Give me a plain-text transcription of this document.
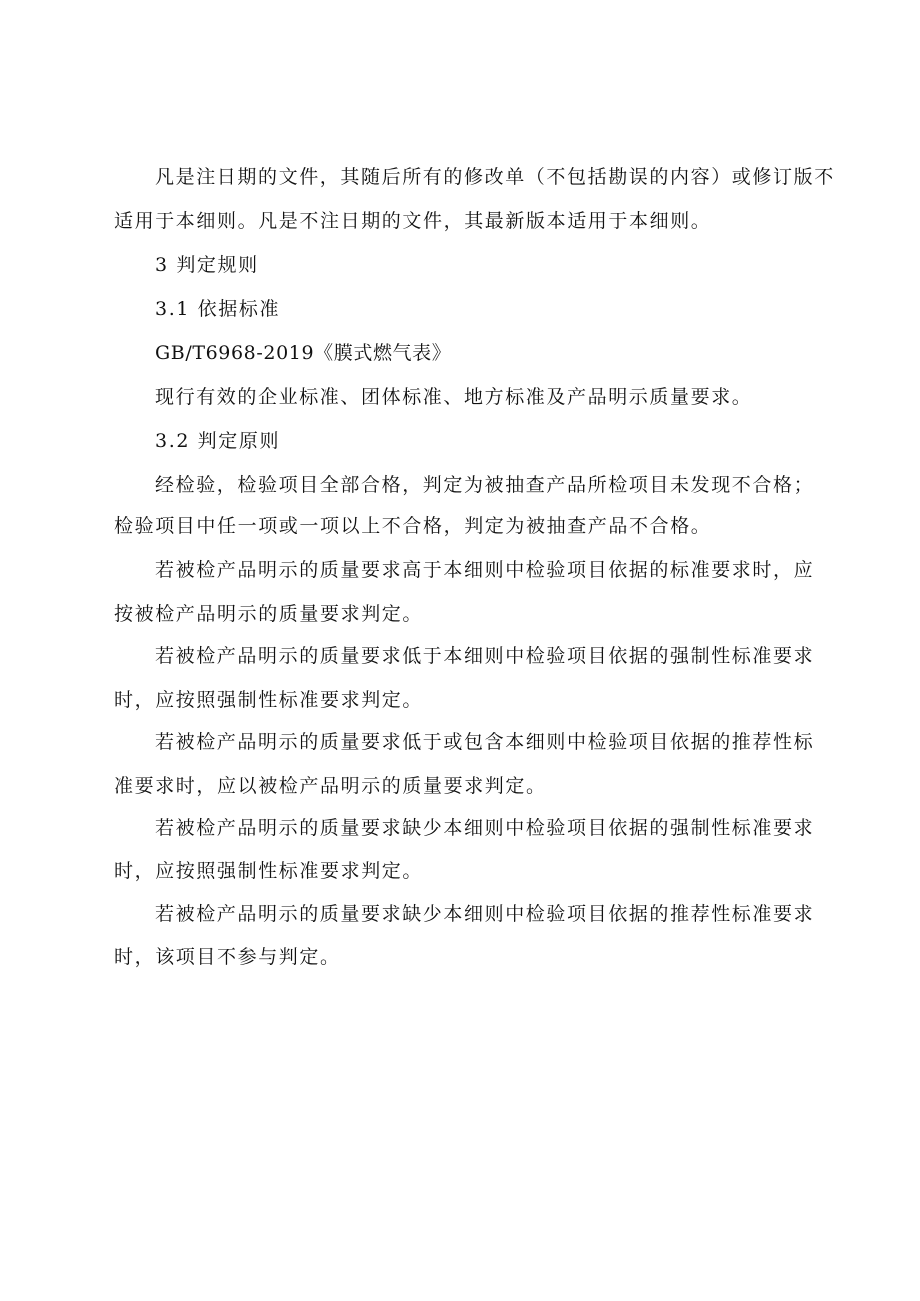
凡是注日期的文件，其随后所有的修改单（不包括勘误的内容）或修订版不
适用于本细则。凡是不注日期的文件，其最新版本适用于本细则。
3 判定规则
3.1 依据标准
GB/T6968-2019《膜式燃气表》
现行有效的企业标准、团体标准、地方标准及产品明示质量要求。
3.2 判定原则
经检验，检验项目全部合格，判定为被抽查产品所检项目未发现不合格；
检验项目中任一项或一项以上不合格，判定为被抽查产品不合格。
若被检产品明示的质量要求高于本细则中检验项目依据的标准要求时，应
按被检产品明示的质量要求判定。
若被检产品明示的质量要求低于本细则中检验项目依据的强制性标准要求
时，应按照强制性标准要求判定。
若被检产品明示的质量要求低于或包含本细则中检验项目依据的推荐性标
准要求时，应以被检产品明示的质量要求判定。
若被检产品明示的质量要求缺少本细则中检验项目依据的强制性标准要求
时，应按照强制性标准要求判定。
若被检产品明示的质量要求缺少本细则中检验项目依据的推荐性标准要求
时，该项目不参与判定。
